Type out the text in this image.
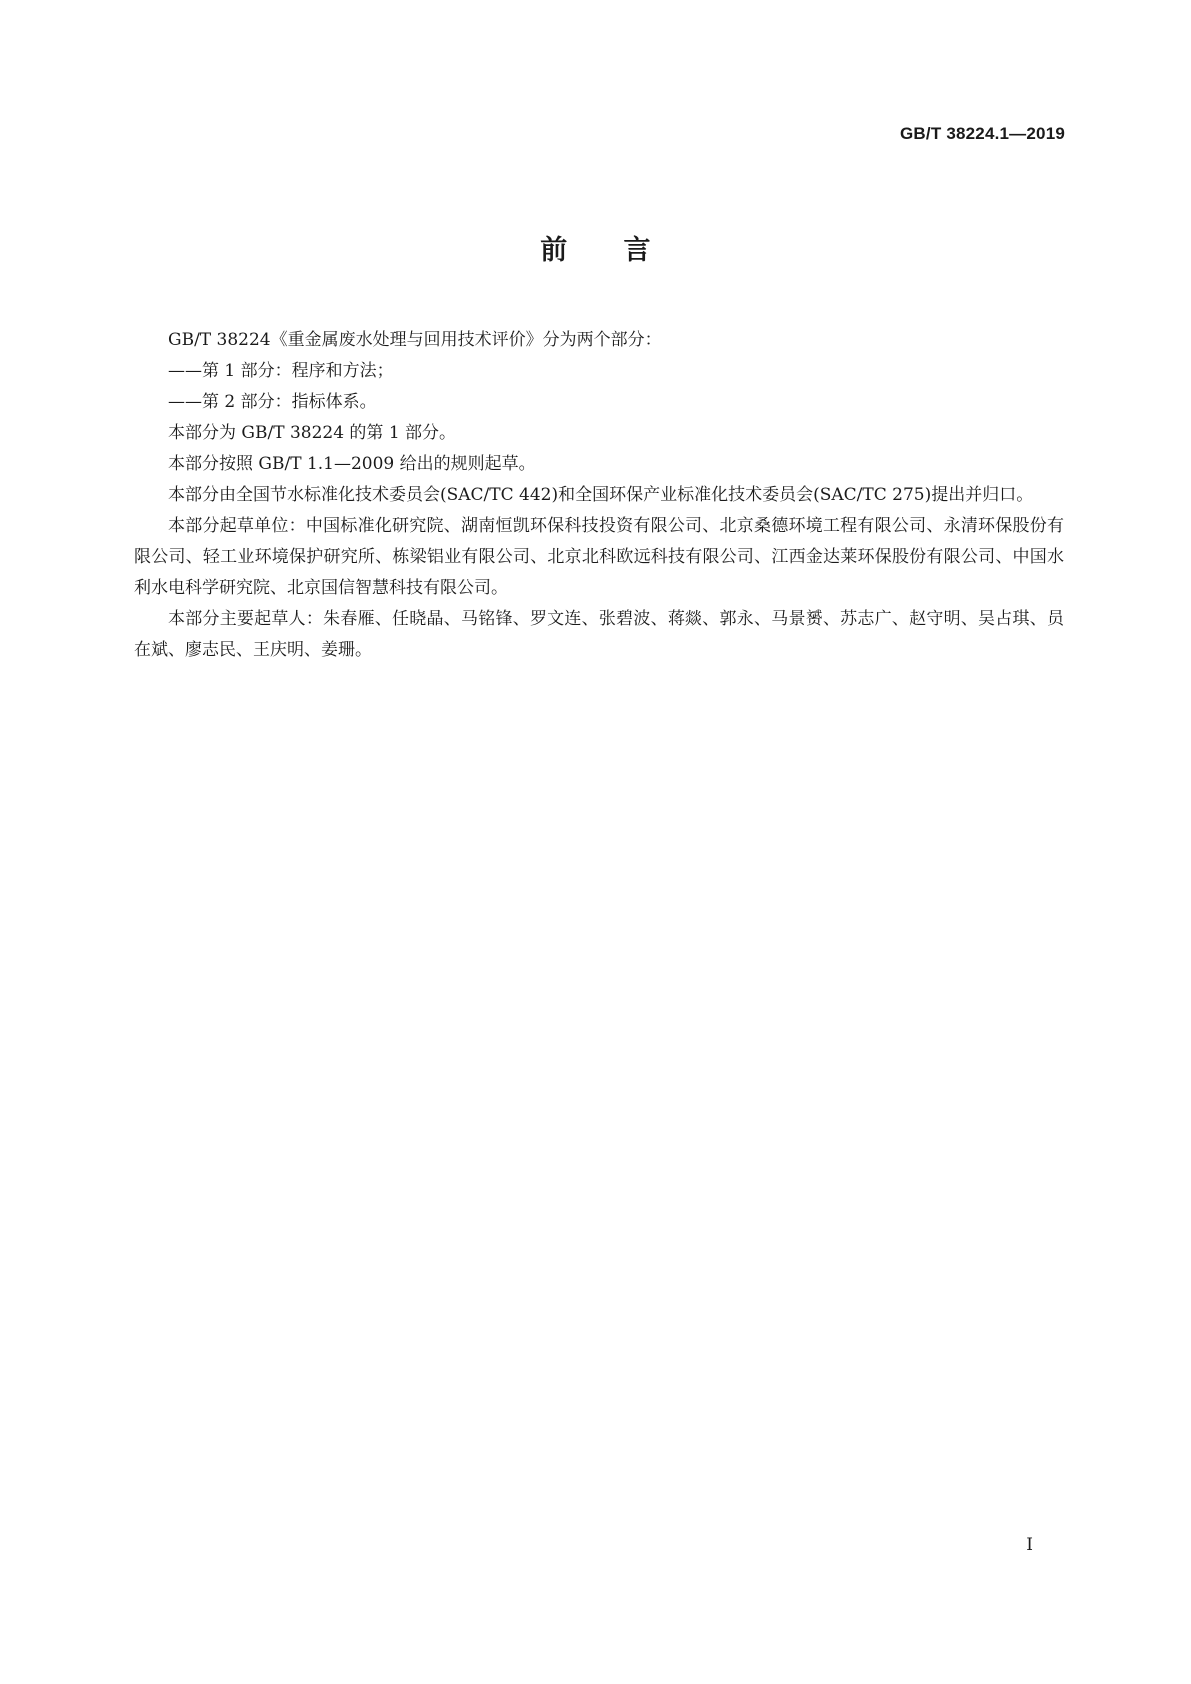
GB/T 38224.1—2019
前 言

GB/T 38224《重金属废水处理与回用技术评价》分为两个部分：

——第 1 部分：程序和方法；

——第 2 部分：指标体系。

本部分为 GB/T 38224 的第 1 部分。

本部分按照 GB/T 1.1—2009 给出的规则起草。

本部分由全国节水标准化技术委员会(SAC/TC 442)和全国环保产业标准化技术委员会(SAC/TC 275)提出并归口。

本部分起草单位：中国标准化研究院、湖南恒凯环保科技投资有限公司、北京桑德环境工程有限公司、永清环保股份有限公司、轻工业环境保护研究所、栋梁铝业有限公司、北京北科欧远科技有限公司、江西金达莱环保股份有限公司、中国水利水电科学研究院、北京国信智慧科技有限公司。

本部分主要起草人：朱春雁、任晓晶、马铭锋、罗文连、张碧波、蒋燚、郭永、马景赟、苏志广、赵守明、吴占琪、员在斌、廖志民、王庆明、姜珊。

I
